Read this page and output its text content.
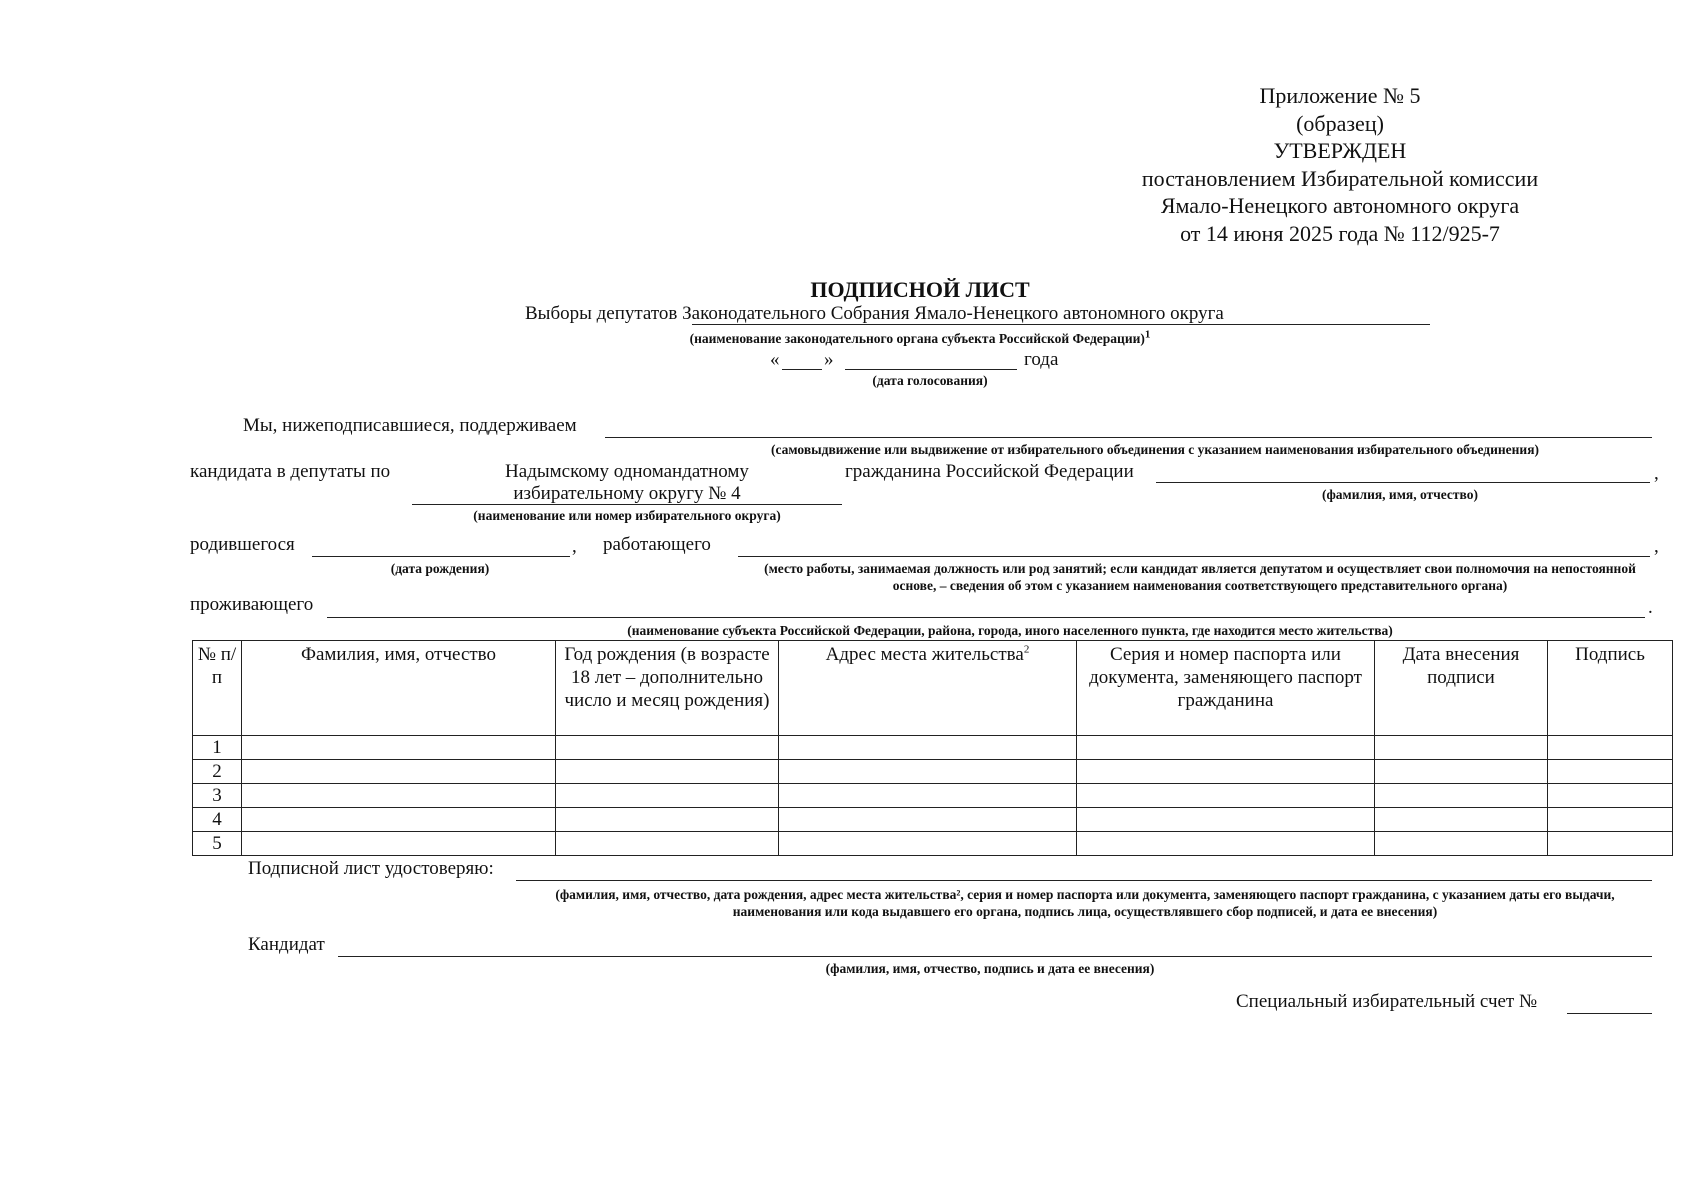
Приложение № 5
(образец)
УТВЕРЖДЕН
постановлением Избирательной комиссии
Ямало-Ненецкого автономного округа
от 14 июня 2025 года № 112/925-7
ПОДПИСНОЙ ЛИСТ
Выборы депутатов Законодательного Собрания Ямало-Ненецкого автономного округа
(наименование законодательного органа субъекта Российской Федерации)$^1$
« »	года
(дата голосования)
Мы, нижеподписавшиеся, поддерживаем
(самовыдвижение или выдвижение от избирательного объединения с указанием наименования избирательного объединения)
кандидата в депутаты по	Надымскому одномандатному
избирательному округу № 4
(наименование или номер избирательного округа)
гражданина Российской Федерации	,
(фамилия, имя, отчество)
родившегося	,
(дата рождения)
работающего	,
(место работы, занимаемая должность или род занятий; если кандидат является депутатом и осуществляет свои полномочия на непостоянной основе, – сведения об этом с указанием наименования соответствующего представительного органа)
проживающего	.
(наименование субъекта Российской Федерации, района, города, иного населенного пункта, где находится место жительства)
№ п/п	Фамилия, имя, отчество	Год рождения (в возрасте 18 лет – дополнительно число и месяц рождения)	Адрес места жительства$^2$	Серия и номер паспорта или документа, заменяющего паспорт гражданина	Дата внесения подписи	Подпись
1						
2						
3						
4						
5						
Подписной лист удостоверяю:
(фамилия, имя, отчество, дата рождения, адрес места жительства², серия и номер паспорта или документа, заменяющего паспорт гражданина, с указанием даты его выдачи, наименования или кода выдавшего его органа, подпись лица, осуществлявшего сбор подписей, и дата ее внесения)
Кандидат
(фамилия, имя, отчество, подпись и дата ее внесения)
Специальный избирательный счет №
